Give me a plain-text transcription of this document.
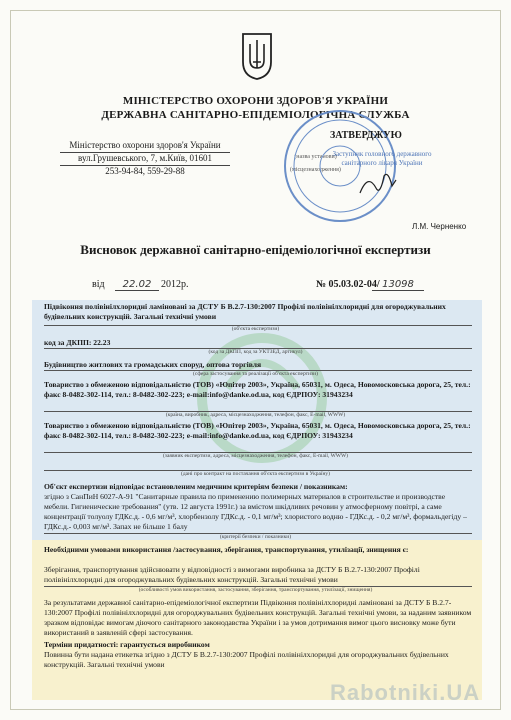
МІНІСТЕРСТВО ОХОРОНИ ЗДОРОВ'Я УКРАЇНИ
ДЕРЖАВНА САНІТАРНО-ЕПІДЕМІОЛОГІЧНА СЛУЖБА
Міністерство охорони здоров'я України
(назва установи)
вул.Грушевського, 7, м.Київ, 01601
(місцезнаходження)
253-94-84, 559-29-88
ЗАТВЕРДЖУЮ
Заступник головного державного санітарного лікаря України
Л.М. Черненко
Висновок державної санітарно-епідеміологічної експертизи
від	22.02 2012р.	№ 05.03.02-04/ 13098
Підвіконня полівінілхлоридні ламіновані за ДСТУ Б В.2.7-130:2007 Профілі полівінілхлоридні для огороджувальних будівельних конструкцій. Загальні технічні умови
(об'єкта експертизи)
код за ДКПП: 22.23
(код за ДКПП, код за УКТЗЕД, артикул)
Будівництво житлових та громадських споруд, оптова торгівля
(сфера застосування та реалізації об'єкта експертизи)
Товариство з обмеженою відповідальністю (ТОВ) «Юпітер 2003», Україна, 65031, м. Одеса, Новомосковська дорога, 25, тел.: факс 8-0482-302-114, тел.: 8-0482-302-223; e-mail:info@danke.od.ua, код ЄДРПОУ: 31943234
(країна, виробник, адреса, місцезнаходження, телефон, факс, E-mail, WWW)
Товариство з обмеженою відповідальністю (ТОВ) «Юпітер 2003», Україна, 65031, м. Одеса, Новомосковська дорога, 25, тел.: факс 8-0482-302-114, тел.: 8-0482-302-223; e-mail:info@danke.od.ua, код ЄДРПОУ: 31943234
(заявник експертизи, адреса, місцезнаходження, телефон, факс, E-mail, WWW)
(дані про контракт на постачання об'єкта експертизи в Україну)
Об'єкт експертизи відповідає встановленим медичним критеріям безпеки / показникам:
згідно з СанПиН 6027-А-91 "Санитарные правила по применению полимерных материалов в строительстве и производстве мебели. Гигиенические требования" (утв. 12 августа 1991г.) за вмістом шкідливих речовин у атмосферному повітрі, а саме концентрації толуолу ГДКс.д. - 0,6 мг/м³, хлорбензолу ГДКс.д. - 0,1 мг/м³; хлористого водню - ГДКс.д. - 0,2 мг/м³, формальдегіду – ГДКс.д.- 0,003 мг/м³. Запах не більше 1 балу
(критерії безпеки / показники)
Необхідними умовами використання /застосування, зберігання, транспортування, утилізації, знищення є:
Зберігання, транспортування здійснювати у відповідності з вимогами виробника за ДСТУ Б В.2.7-130:2007 Профілі полівінілхлоридні для огороджувальних будівельних конструкцій. Загальні технічні умови
(особливості умов використання, застосування, зберігання, транспортування, утилізації, знищення)
За результатами державної санітарно-епідеміологічної експертизи Підвіконня полівінілхлоридні ламіновані за ДСТУ Б В.2.7-130:2007 Профілі полівінілхлоридні для огороджувальних будівельних конструкцій. Загальні технічні умови, за наданим заявником зразком відповідає вимогам діючого санітарного законодавства України і за умов дотримання вимог цього висновку може бути використаний в заявленій сфері застосування.
Терміни придатності: гарантується виробником
Повинна бути надана етикетка згідно з ДСТУ Б В.2.7-130:2007 Профілі полівінілхлоридні для огороджувальних будівельних конструкцій. Загальні технічні умови
Rabotniki.UA
